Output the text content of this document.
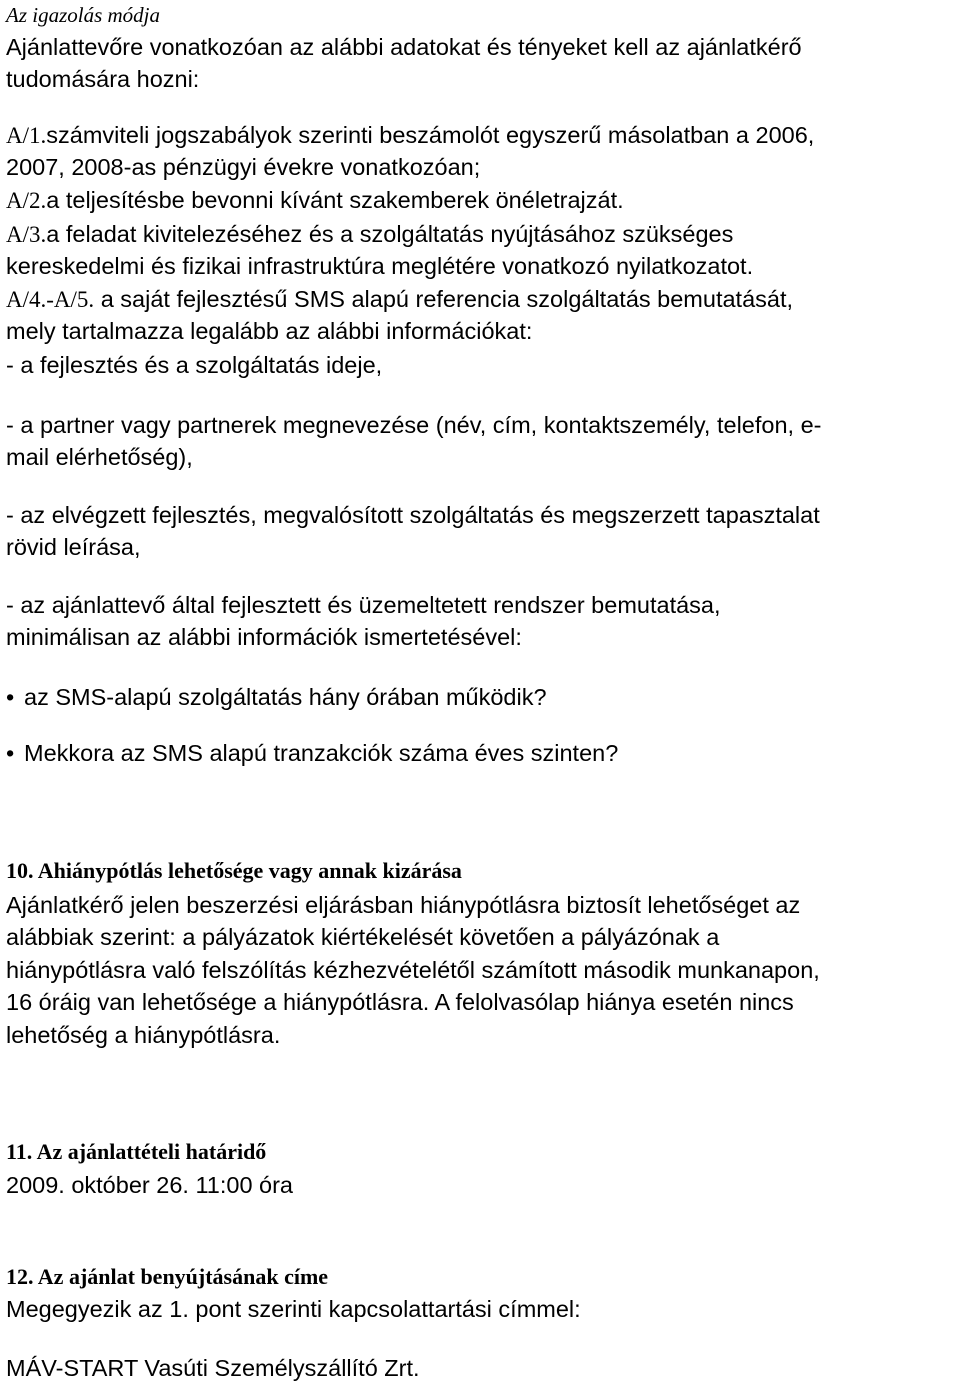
Az igazolás módja
Ajánlattevőre vonatkozóan az alábbi adatokat és tényeket kell az ajánlatkérő
tudomására hozni:
A/1.számviteli jogszabályok szerinti beszámolót egyszerű másolatban a 2006,
2007, 2008-as pénzügyi évekre vonatkozóan;
A/2.a teljesítésbe bevonni kívánt szakemberek önéletrajzát.
A/3.a feladat kivitelezéséhez és a szolgáltatás nyújtásához szükséges
kereskedelmi és fizikai infrastruktúra meglétére vonatkozó nyilatkozatot.
A/4.-A/5. a saját fejlesztésű SMS alapú referencia szolgáltatás bemutatását,
mely tartalmazza legalább az alábbi információkat:
- a fejlesztés és a szolgáltatás ideje,
- a partner vagy partnerek megnevezése (név, cím, kontaktszemély, telefon, e-
mail elérhetőség),
- az elvégzett fejlesztés, megvalósított szolgáltatás és megszerzett tapasztalat
rövid leírása,
- az ajánlattevő által fejlesztett és üzemeltetett rendszer bemutatása,
minimálisan az alábbi információk ismertetésével:
• az SMS-alapú szolgáltatás hány órában működik?
• Mekkora az SMS alapú tranzakciók száma éves szinten?
10. Ahiánypótlás lehetősége vagy annak kizárása
Ajánlatkérő jelen beszerzési eljárásban hiánypótlásra biztosít lehetőséget az
alábbiak szerint: a pályázatok kiértékelését követően a pályázónak a
hiánypótlásra való felszólítás kézhezvételétől számított második munkanapon,
16 óráig van lehetősége a hiánypótlásra. A felolvasólap hiánya esetén nincs
lehetőség a hiánypótlásra.
11. Az ajánlattételi határidő
2009. október 26. 11:00 óra
12. Az ajánlat benyújtásának címe
Megegyezik az 1. pont szerinti kapcsolattartási címmel:
MÁV-START Vasúti Személyszállító Zrt.
